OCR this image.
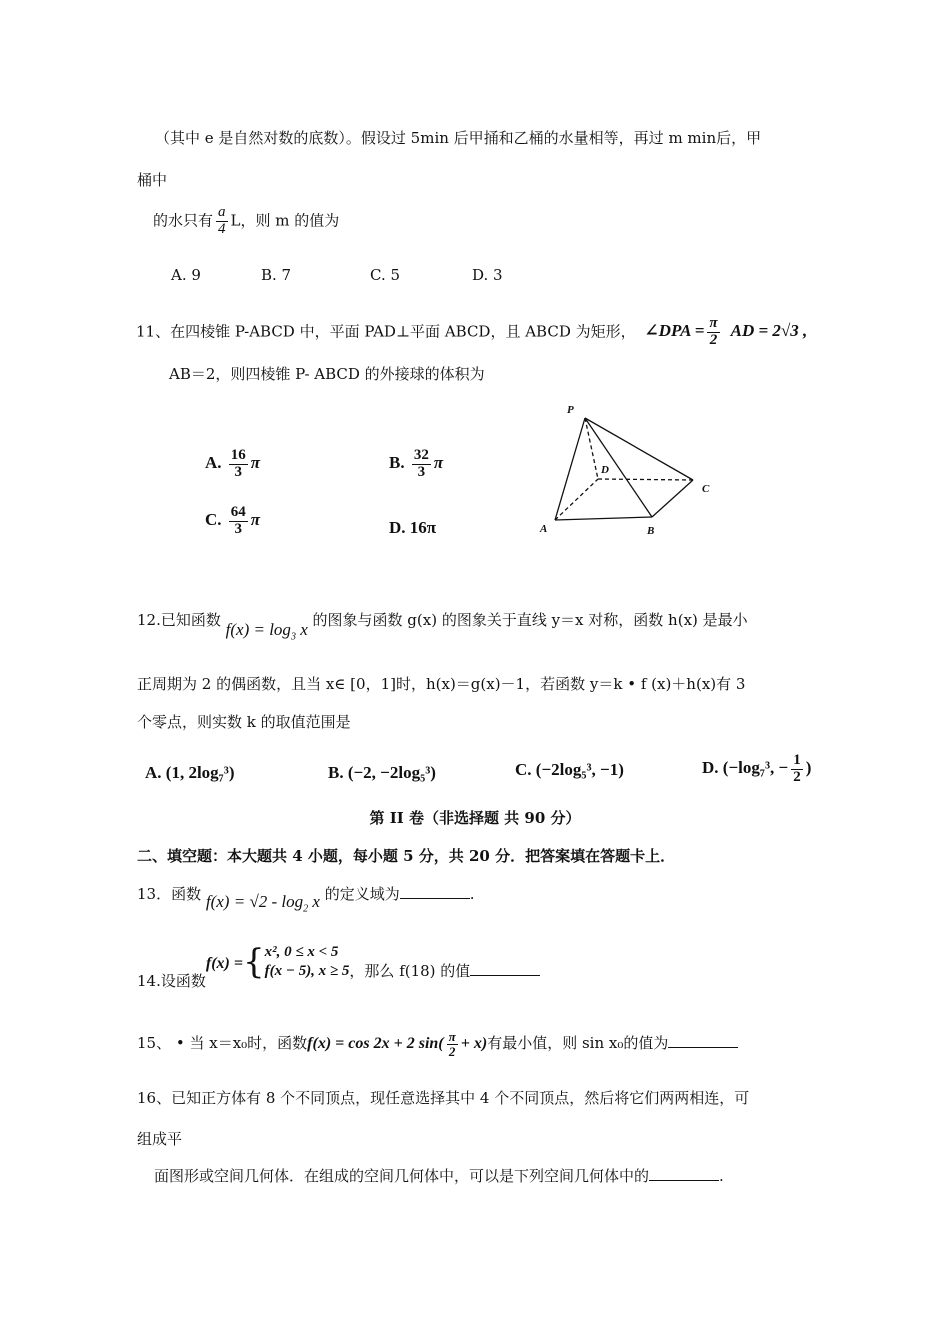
（其中 e 是自然对数的底数）。假设过 5min 后甲捅和乙桶的水量相等，再过 m min后，甲
桶中
的水只有 $\frac{a}{4}$ L，则 m 的值为
A. 9	B. 7	C. 5	D. 3
11、在四棱锥 P-ABCD 中，平面 PAD⊥平面 ABCD，且 ABCD 为矩形， ∠DPA = $\frac{\pi}{2}$ AD = 2√3 ,
AB＝2，则四棱锥 P- ABCD 的外接球的体积为
A. $\frac{16}{3}$ π	B. $\frac{32}{3}$ π
C. $\frac{64}{3}$ π	D. 16π
P
D
C
A	B
12.已知函数 $f(x) = \log_3 x$ 的图象与函数 g(x) 的图象关于直线 y＝x 对称，函数 h(x) 是最小
正周期为 2 的偶函数，且当 x∈ [0，1]时，h(x)＝g(x)－1，若函数 y＝k • f (x)＋h(x)有 3
个零点，则实数 k 的取值范围是
A. (1, 2log₇³)	B. (−2, −2log₅³)	C. (−2log₅³, −1)	D. (−log₇³, − $\frac{1}{2}$ )
第 II 卷（非选择题 共 90 分）
二、填空题：本大题共 4 小题，每小题 5 分，共 20 分．把答案填在答题卡上．
13．函数 $f(x) = √2 - \log_2 x$ 的定义域为	.
14.设函数f(x) ={ x², 0 ≤ x < 5
f(x − 5), x ≥ 5 ，那么 f(18) 的值
15、 • 当 x＝x₀时，函数f(x) = cos 2x + 2 $\sin( \frac{\pi}{2} + x)$有最小值，则 sin x₀的值为
16、已知正方体有 8 个不同顶点，现任意选择其中 4 个不同顶点，然后将它们两两相连，可
组成平
面图形或空间几何体．在组成的空间几何体中，可以是下列空间几何体中的	.
